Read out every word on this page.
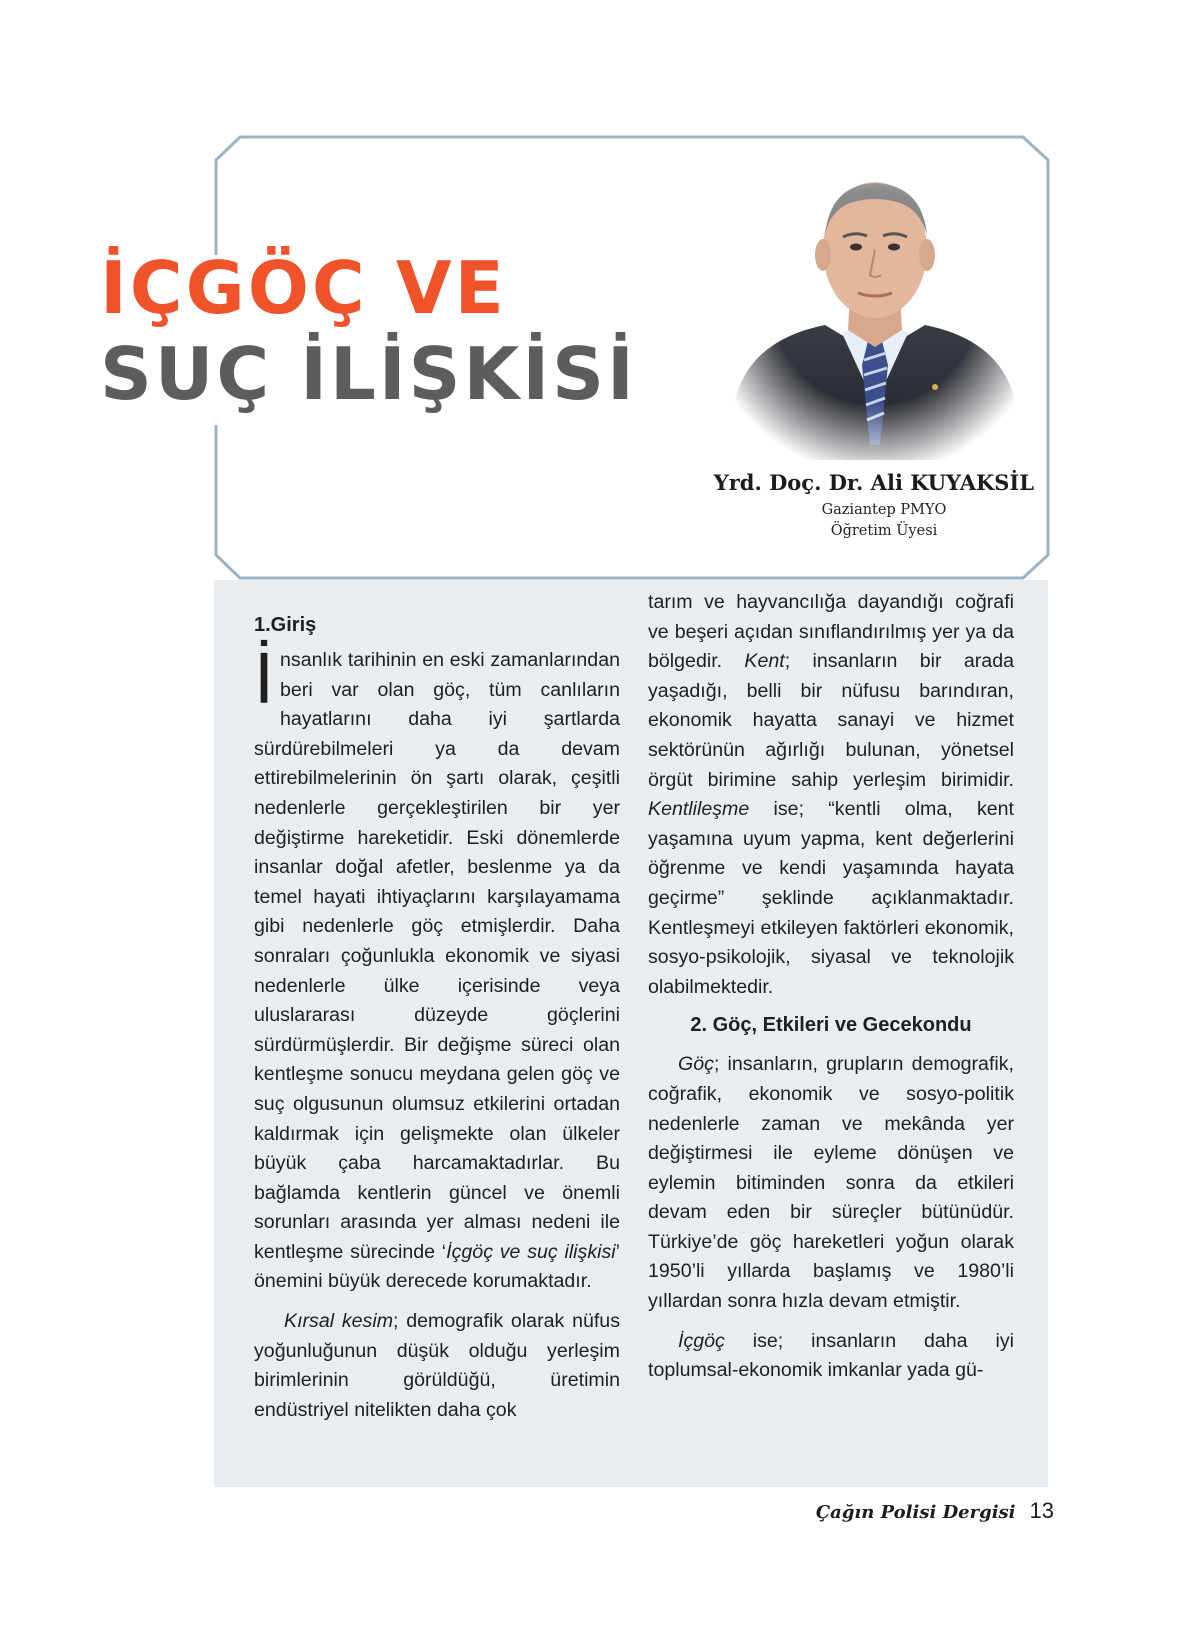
İÇGÖÇ VE
SUÇ İLİŞKİSİ
Yrd. Doç. Dr. Ali KUYAKSİL
Gaziantep PMYO
Öğretim Üyesi
1.Giriş

İnsanlık tarihinin en eski zamanlarından beri var olan göç, tüm canlıların hayatlarını daha iyi şartlarda sürdürebilmeleri ya da devam ettirebilmelerinin ön şartı olarak, çeşitli nedenlerle gerçekleştirilen bir yer değiştirme hareketidir. Eski dönemlerde insanlar doğal afetler, beslenme ya da temel hayati ihtiyaçlarını karşılayamama gibi nedenlerle göç etmişlerdir. Daha sonraları çoğunlukla ekonomik ve siyasi nedenlerle ülke içerisinde veya uluslararası düzeyde göçlerini sürdürmüşlerdir. Bir değişme süreci olan kentleşme sonucu meydana gelen göç ve suç olgusunun olumsuz etkilerini ortadan kaldırmak için gelişmekte olan ülkeler büyük çaba harcamaktadırlar. Bu bağlamda kentlerin güncel ve önemli sorunları arasında yer alması nedeni ile kentleşme sürecinde ‘İçgöç ve suç ilişkisi’ önemini büyük derecede korumaktadır.

Kırsal kesim; demografik olarak nüfus yoğunluğunun düşük olduğu yerleşim birimlerinin görüldüğü, üretimin endüstriyel nitelikten daha çok

tarım ve hayvancılığa dayandığı coğrafi ve beşeri açıdan sınıflandırılmış yer ya da bölgedir. Kent; insanların bir arada yaşadığı, belli bir nüfusu barındıran, ekonomik hayatta sanayi ve hizmet sektörünün ağırlığı bulunan, yönetsel örgüt birimine sahip yerleşim birimidir. Kentlileşme ise; “kentli olma, kent yaşamına uyum yapma, kent değerlerini öğrenme ve kendi yaşamında hayata geçirme” şeklinde açıklanmaktadır. Kentleşmeyi etkileyen faktörleri ekonomik, sosyo-psikolojik, siyasal ve teknolojik olabilmektedir.

2. Göç, Etkileri ve Gecekondu

Göç; insanların, grupların demografik, coğrafik, ekonomik ve sosyo-politik nedenlerle zaman ve mekânda yer değiştirmesi ile eyleme dönüşen ve eylemin bitiminden sonra da etkileri devam eden bir süreçler bütünüdür. Türkiye’de göç hareketleri yoğun olarak 1950’li yıllarda başlamış ve 1980’li yıllardan sonra hızla devam etmiştir.

İçgöç ise; insanların daha iyi toplumsal-ekonomik imkanlar yada gü-

Çağın Polisi Dergisi 13
